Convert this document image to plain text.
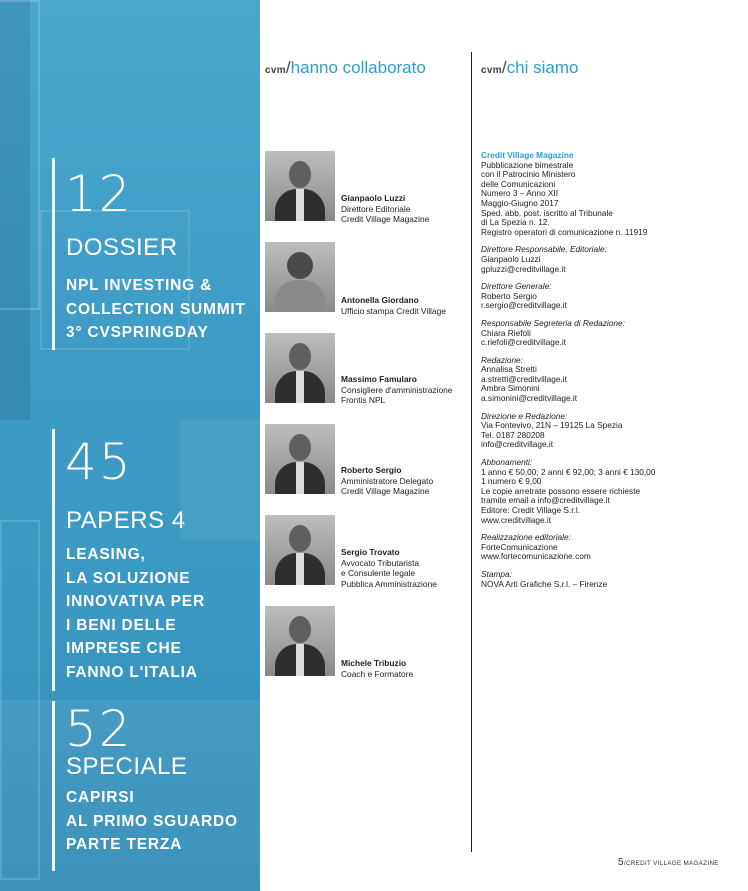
12
DOSSIER
NPL INVESTING &
COLLECTION SUMMIT
3° CVSPRINGDAY
45
PAPERS 4
LEASING,
LA SOLUZIONE
INNOVATIVA PER
I BENI DELLE
IMPRESE CHE
FANNO L'ITALIA
52
SPECIALE
CAPIRSI
AL PRIMO SGUARDO
PARTE TERZA
cvm/hanno collaborato	cvm/chi siamo
Gianpaolo Luzzi
Direttore Editoriale
Credit Village Magazine
Antonella Giordano
Ufficio stampa Credit Village
Massimo Famularo
Consigliere d'amministrazione
Frontis NPL
Roberto Sergio
Amministratore Delegato
Credit Village Magazine
Sergio Trovato
Avvocato Tributarista
e Consulente legale
Pubblica Amministrazione
Michele Tribuzio
Coach e Formatore
Credit Village Magazine
Pubblicazione bimestrale
con il Patrocinio Ministero
delle Comunicazioni
Numero 3 – Anno XII
Maggio-Giugno 2017
Sped. abb. post. iscritto al Tribunale
di La Spezia n. 12.
Registro operatori di comunicazione n. 11919
Direttore Responsabile, Editoriale:
Gianpaolo Luzzi
gpluzzi@creditvillage.it
Direttore Generale:
Roberto Sergio
r.sergio@creditvillage.it
Responsabile Segreteria di Redazione:
Chiara Riefoli
c.riefoli@creditvillage.it
Redazione:
Annalisa Stretti
a.stretti@creditvillage.it
Ambra Simonini
a.simonini@creditvillage.it
Direzione e Redazione:
Via Fontevivo, 21N – 19125 La Spezia
Tel. 0187 280208
info@creditvillage.it
Abbonamenti:
1 anno € 50,00; 2 anni € 92,00; 3 anni € 130,00
1 numero € 9,00
Le copie arretrate possono essere richieste
tramite email a info@creditvillage.it
Editore: Credit Village S.r.l.
www.creditvillage.it
Realizzazione editoriale:
ForteComunicazione
www.fortecomunicazione.com
Stampa:
NOVA Arti Grafiche S.r.l. – Firenze
5/CREDIT VILLAGE MAGAZINE
